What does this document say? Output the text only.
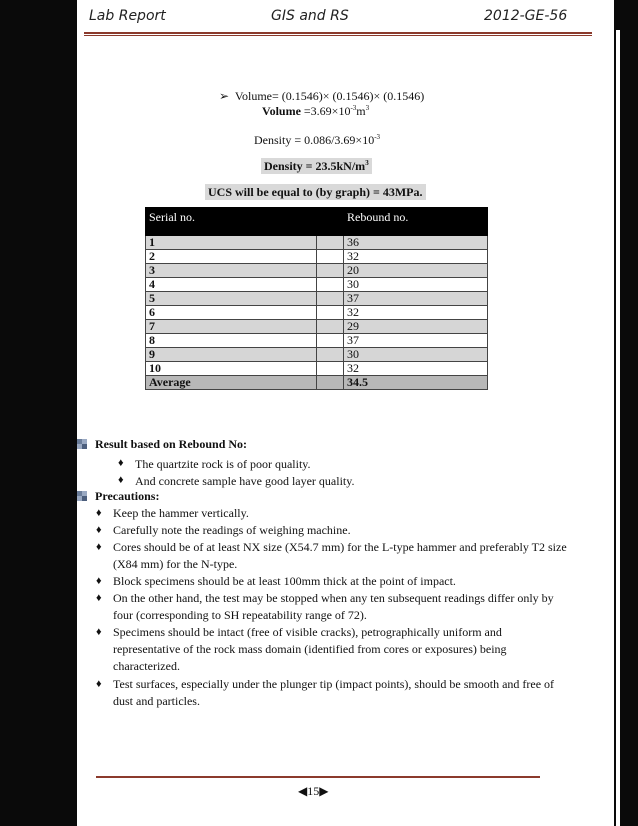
Lab Report	GIS and RS	2012-GE-56
➢ Volume= (0.1546)× (0.1546)× (0.1546)
Volume $=3.69\times 10^{-3}m^3$
Density = $0.086/3.69\times 10^{-3}$
Density = $23.5kN/m^3$
UCS will be equal to (by graph) = 43MPa.
Serial no.		Rebound no.

1		36
2		32
3		20
4		30
5		37
6		32
7		29
8		37
9		30
10		32
Average		34.5
Result based on Rebound No:
♦ The quartzite rock is of poor quality.
♦ And concrete sample have good layer quality.
Precautions:
♦ Keep the hammer vertically.
♦ Carefully note the readings of weighing machine.
♦ Cores should be of at least NX size (X54.7 mm) for the L-type hammer and preferably T2 size (X84 mm) for the N-type.
♦ Block specimens should be at least 100mm thick at the point of impact.
♦ On the other hand, the test may be stopped when any ten subsequent readings differ only by four (corresponding to SH repeatability range of 72).
♦ Specimens should be intact (free of visible cracks), petrographically uniform and representative of the rock mass domain (identified from cores or exposures) being characterized.
♦ Test surfaces, especially under the plunger tip (impact points), should be smooth and free of dust and particles.
◀15▶
